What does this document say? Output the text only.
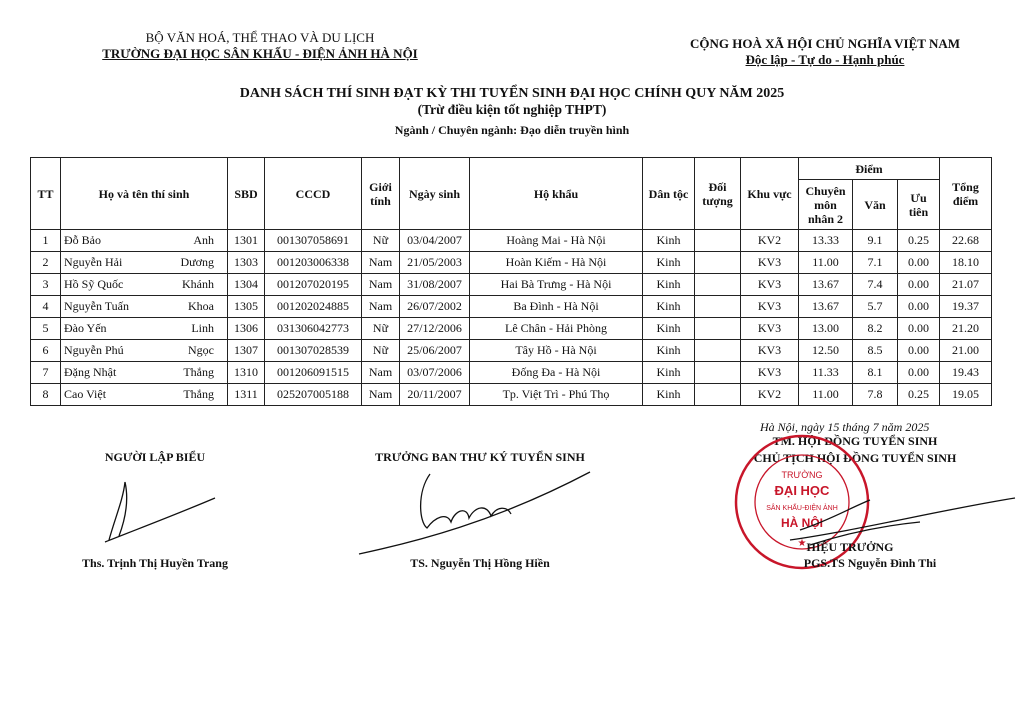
BỘ VĂN HOÁ, THỂ THAO VÀ DU LỊCH
TRƯỜNG ĐẠI HỌC SÂN KHẤU - ĐIỆN ẢNH HÀ NỘI
CỘNG HOÀ XÃ HỘI CHỦ NGHĨA VIỆT NAM
Độc lập - Tự do - Hạnh phúc
DANH SÁCH THÍ SINH ĐẠT KỲ THI TUYỂN SINH ĐẠI HỌC CHÍNH QUY NĂM 2025
(Trừ điều kiện tốt nghiệp THPT)
Ngành / Chuyên ngành: Đạo diễn truyền hình
TT	Họ và tên thí sinh	SBD	CCCD	Giới tính	Ngày sinh	Hộ khẩu	Dân tộc	Đối tượng	Khu vực	Điểm			Tổng điểm
										Chuyên môn nhân 2	Văn	Ưu tiên	
1	Đỗ Bảo Anh	1301	001307058691	Nữ	03/04/2007	Hoàng Mai - Hà Nội	Kinh		KV2	13.33	9.1	0.25	22.68
2	Nguyễn Hải Dương	1303	001203006338	Nam	21/05/2003	Hoàn Kiếm - Hà Nội	Kinh		KV3	11.00	7.1	0.00	18.10
3	Hồ Sỹ Quốc Khánh	1304	001207020195	Nam	31/08/2007	Hai Bà Trưng - Hà Nội	Kinh		KV3	13.67	7.4	0.00	21.07
4	Nguyễn Tuấn Khoa	1305	001202024885	Nam	26/07/2002	Ba Đình - Hà Nội	Kinh		KV3	13.67	5.7	0.00	19.37
5	Đào Yến Linh	1306	031306042773	Nữ	27/12/2006	Lê Chân - Hải Phòng	Kinh		KV3	13.00	8.2	0.00	21.20
6	Nguyễn Phú Ngọc	1307	001307028539	Nữ	25/06/2007	Tây Hồ - Hà Nội	Kinh		KV3	12.50	8.5	0.00	21.00
7	Đặng Nhật Thắng	1310	001206091515	Nam	03/07/2006	Đống Đa - Hà Nội	Kinh		KV3	11.33	8.1	0.00	19.43
8	Cao Việt Thắng	1311	025207005188	Nam	20/11/2007	Tp. Việt Trì - Phú Thọ	Kinh		KV2	11.00	7.8	0.25	19.05
Hà Nội, ngày 15 tháng 7 năm 2025
NGƯỜI LẬP BIỂU
Ths. Trịnh Thị Huyền Trang
TRƯỞNG BAN THƯ KÝ TUYỂN SINH
TS. Nguyễn Thị Hồng Hiền
TM. HỘI ĐỒNG TUYỂN SINH
CHỦ TỊCH HỘI ĐỒNG TUYỂN SINH
TRƯỜNG
ĐẠI HỌC
SÂN KHẤU-ĐIỆN ẢNH
HÀ NỘI
★ HIỆU TRƯỞNG
PGS.TS Nguyễn Đình Thi
